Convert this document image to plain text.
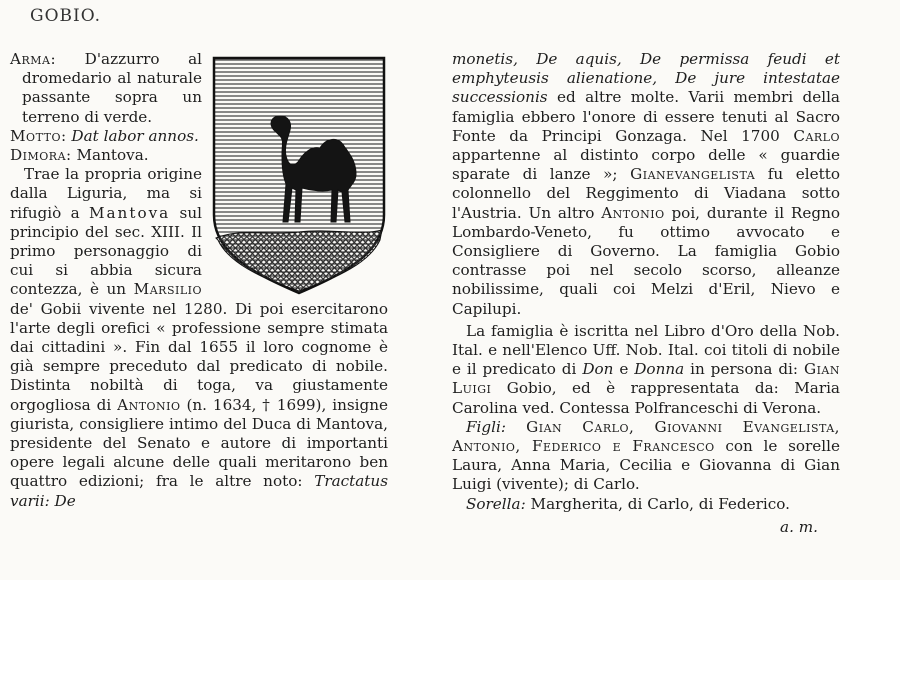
GOBIO.

Arma: D'azzurro al dromedario al naturale passante sopra un terreno di verde.

Motto: Dat labor annos.

Dimora: Mantova.

Trae la propria origine dalla Liguria, ma si rifugiò a Mantova sul principio del sec. XIII. Il primo personaggio di cui si abbia sicura contezza, è un Marsilio de' Gobii vivente nel 1280. Di poi esercitarono l'arte degli orefici « professione sempre stimata dai cittadini ». Fin dal 1655 il loro cognome è già sempre preceduto dal predicato di nobile. Distinta nobiltà di toga, va giustamente orgogliosa di Antonio (n. 1634, † 1699), insigne giurista, consigliere intimo del Duca di Mantova, presidente del Senato e autore di importanti opere legali alcune delle quali meritarono ben quattro edizioni; fra le altre noto: Tractatus varii: De

monetis, De aquis, De permissa feudi et emphyteusis alienatione, De jure intestatae successionis ed altre molte. Varii membri della famiglia ebbero l'onore di essere tenuti al Sacro Fonte da Principi Gonzaga. Nel 1700 Carlo appartenne al distinto corpo delle « guardie sparate di lanze »; Gianevangelista fu eletto colonnello del Reggimento di Viadana sotto l'Austria. Un altro Antonio poi, durante il Regno Lombardo-Veneto, fu ottimo avvocato e Consigliere di Governo. La famiglia Gobio contrasse poi nel secolo scorso, alleanze nobilissime, quali coi Melzi d'Eril, Nievo e Capilupi.

La famiglia è iscritta nel Libro d'Oro della Nob. Ital. e nell'Elenco Uff. Nob. Ital. coi titoli di nobile e il predicato di Don e Donna in persona di: Gian Luigi Gobio, ed è rappresentata da: Maria Carolina ved. Contessa Polfranceschi di Verona.

Figli: Gian Carlo, Giovanni Evangelista, Antonio, Federico e Francesco con le sorelle Laura, Anna Maria, Cecilia e Giovanna di Gian Luigi (vivente); di Carlo.

Sorella: Margherita, di Carlo, di Federico.

a. m.
